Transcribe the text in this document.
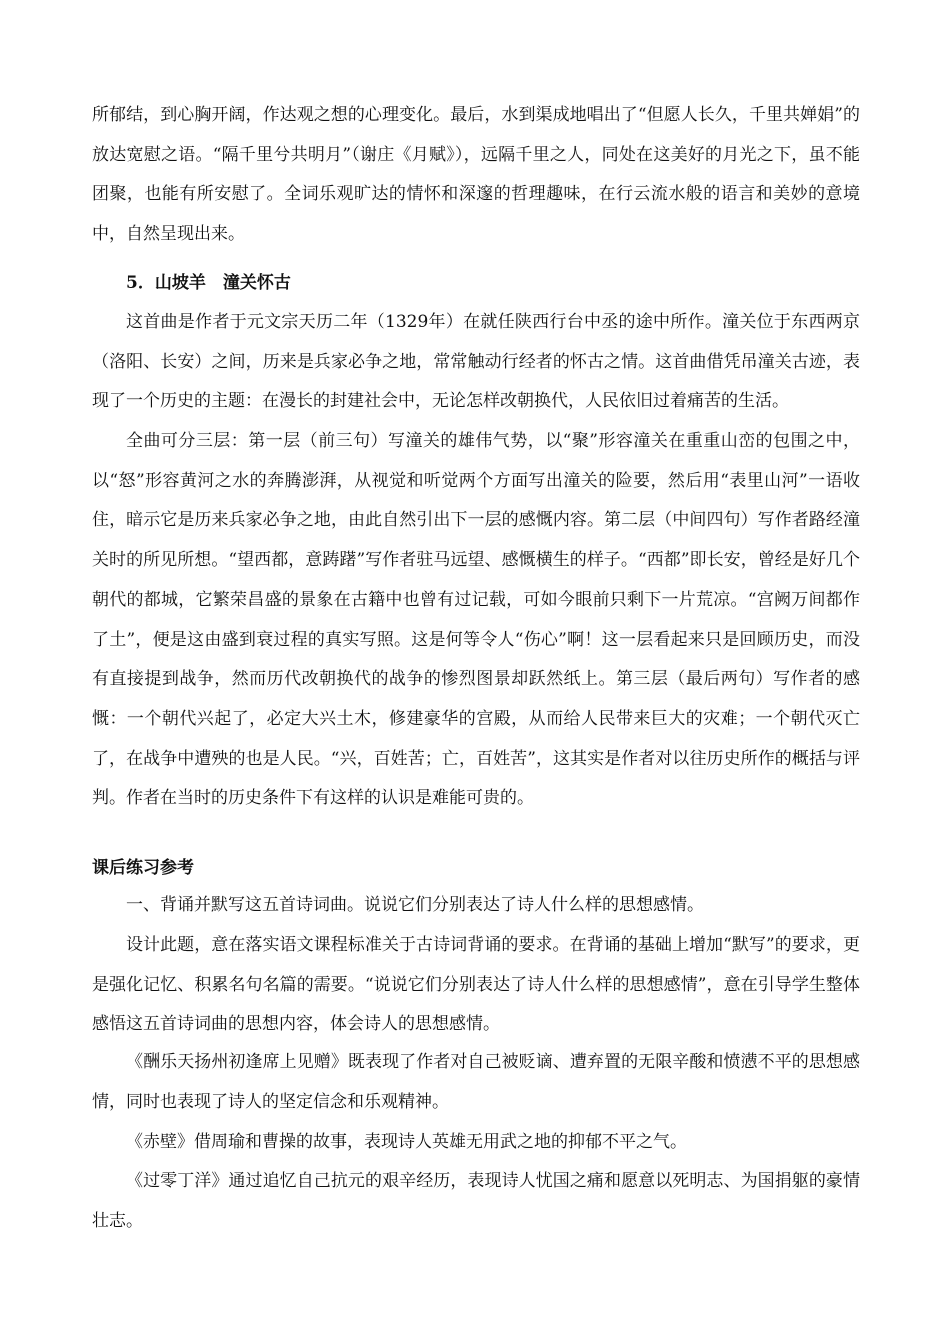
所郁结，到心胸开阔，作达观之想的心理变化。最后，水到渠成地唱出了“但愿人长久，千里共婵娟”的放达宽慰之语。“隔千里兮共明月”（谢庄《月赋》），远隔千里之人，同处在这美好的月光之下，虽不能团聚，也能有所安慰了。全词乐观旷达的情怀和深邃的哲理趣味，在行云流水般的语言和美妙的意境中，自然呈现出来。

5．山坡羊　潼关怀古

这首曲是作者于元文宗天历二年（1329年）在就任陕西行台中丞的途中所作。潼关位于东西两京（洛阳、长安）之间，历来是兵家必争之地，常常触动行经者的怀古之情。这首曲借凭吊潼关古迹，表现了一个历史的主题：在漫长的封建社会中，无论怎样改朝换代，人民依旧过着痛苦的生活。

全曲可分三层：第一层（前三句）写潼关的雄伟气势，以“聚”形容潼关在重重山峦的包围之中，以“怒”形容黄河之水的奔腾澎湃，从视觉和听觉两个方面写出潼关的险要，然后用“表里山河”一语收住，暗示它是历来兵家必争之地，由此自然引出下一层的感慨内容。第二层（中间四句）写作者路经潼关时的所见所想。“望西都，意踌躇”写作者驻马远望、感慨横生的样子。“西都”即长安，曾经是好几个朝代的都城，它繁荣昌盛的景象在古籍中也曾有过记载，可如今眼前只剩下一片荒凉。“宫阙万间都作了土”，便是这由盛到衰过程的真实写照。这是何等令人“伤心”啊！这一层看起来只是回顾历史，而没有直接提到战争，然而历代改朝换代的战争的惨烈图景却跃然纸上。第三层（最后两句）写作者的感慨：一个朝代兴起了，必定大兴土木，修建豪华的宫殿，从而给人民带来巨大的灾难；一个朝代灭亡了，在战争中遭殃的也是人民。“兴，百姓苦；亡，百姓苦”，这其实是作者对以往历史所作的概括与评判。作者在当时的历史条件下有这样的认识是难能可贵的。

课后练习参考

一、背诵并默写这五首诗词曲。说说它们分别表达了诗人什么样的思想感情。

设计此题，意在落实语文课程标准关于古诗词背诵的要求。在背诵的基础上增加“默写”的要求，更是强化记忆、积累名句名篇的需要。“说说它们分别表达了诗人什么样的思想感情”，意在引导学生整体感悟这五首诗词曲的思想内容，体会诗人的思想感情。

《酬乐天扬州初逢席上见赠》既表现了作者对自己被贬谪、遭弃置的无限辛酸和愤懑不平的思想感情，同时也表现了诗人的坚定信念和乐观精神。

《赤壁》借周瑜和曹操的故事，表现诗人英雄无用武之地的抑郁不平之气。

《过零丁洋》通过追忆自己抗元的艰辛经历，表现诗人忧国之痛和愿意以死明志、为国捐躯的豪情壮志。
